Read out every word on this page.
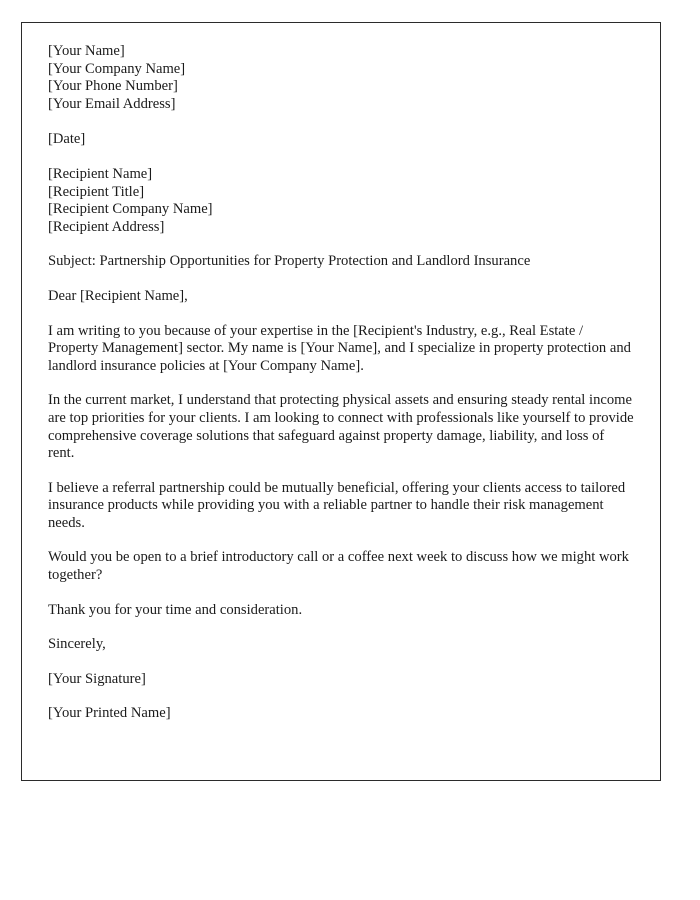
[Your Name]
[Your Company Name]
[Your Phone Number]
[Your Email Address]
[Date]
[Recipient Name]
[Recipient Title]
[Recipient Company Name]
[Recipient Address]

Subject: Partnership Opportunities for Property Protection and Landlord Insurance

Dear [Recipient Name],

I am writing to you because of your expertise in the [Recipient's Industry, e.g., Real Estate / Property Management] sector. My name is [Your Name], and I specialize in property protection and landlord insurance policies at [Your Company Name].

In the current market, I understand that protecting physical assets and ensuring steady rental income are top priorities for your clients. I am looking to connect with professionals like yourself to provide comprehensive coverage solutions that safeguard against property damage, liability, and loss of rent.

I believe a referral partnership could be mutually beneficial, offering your clients access to tailored insurance products while providing you with a reliable partner to handle their risk management needs.

Would you be open to a brief introductory call or a coffee next week to discuss how we might work together?

Thank you for your time and consideration.

Sincerely,

[Your Signature]

[Your Printed Name]
